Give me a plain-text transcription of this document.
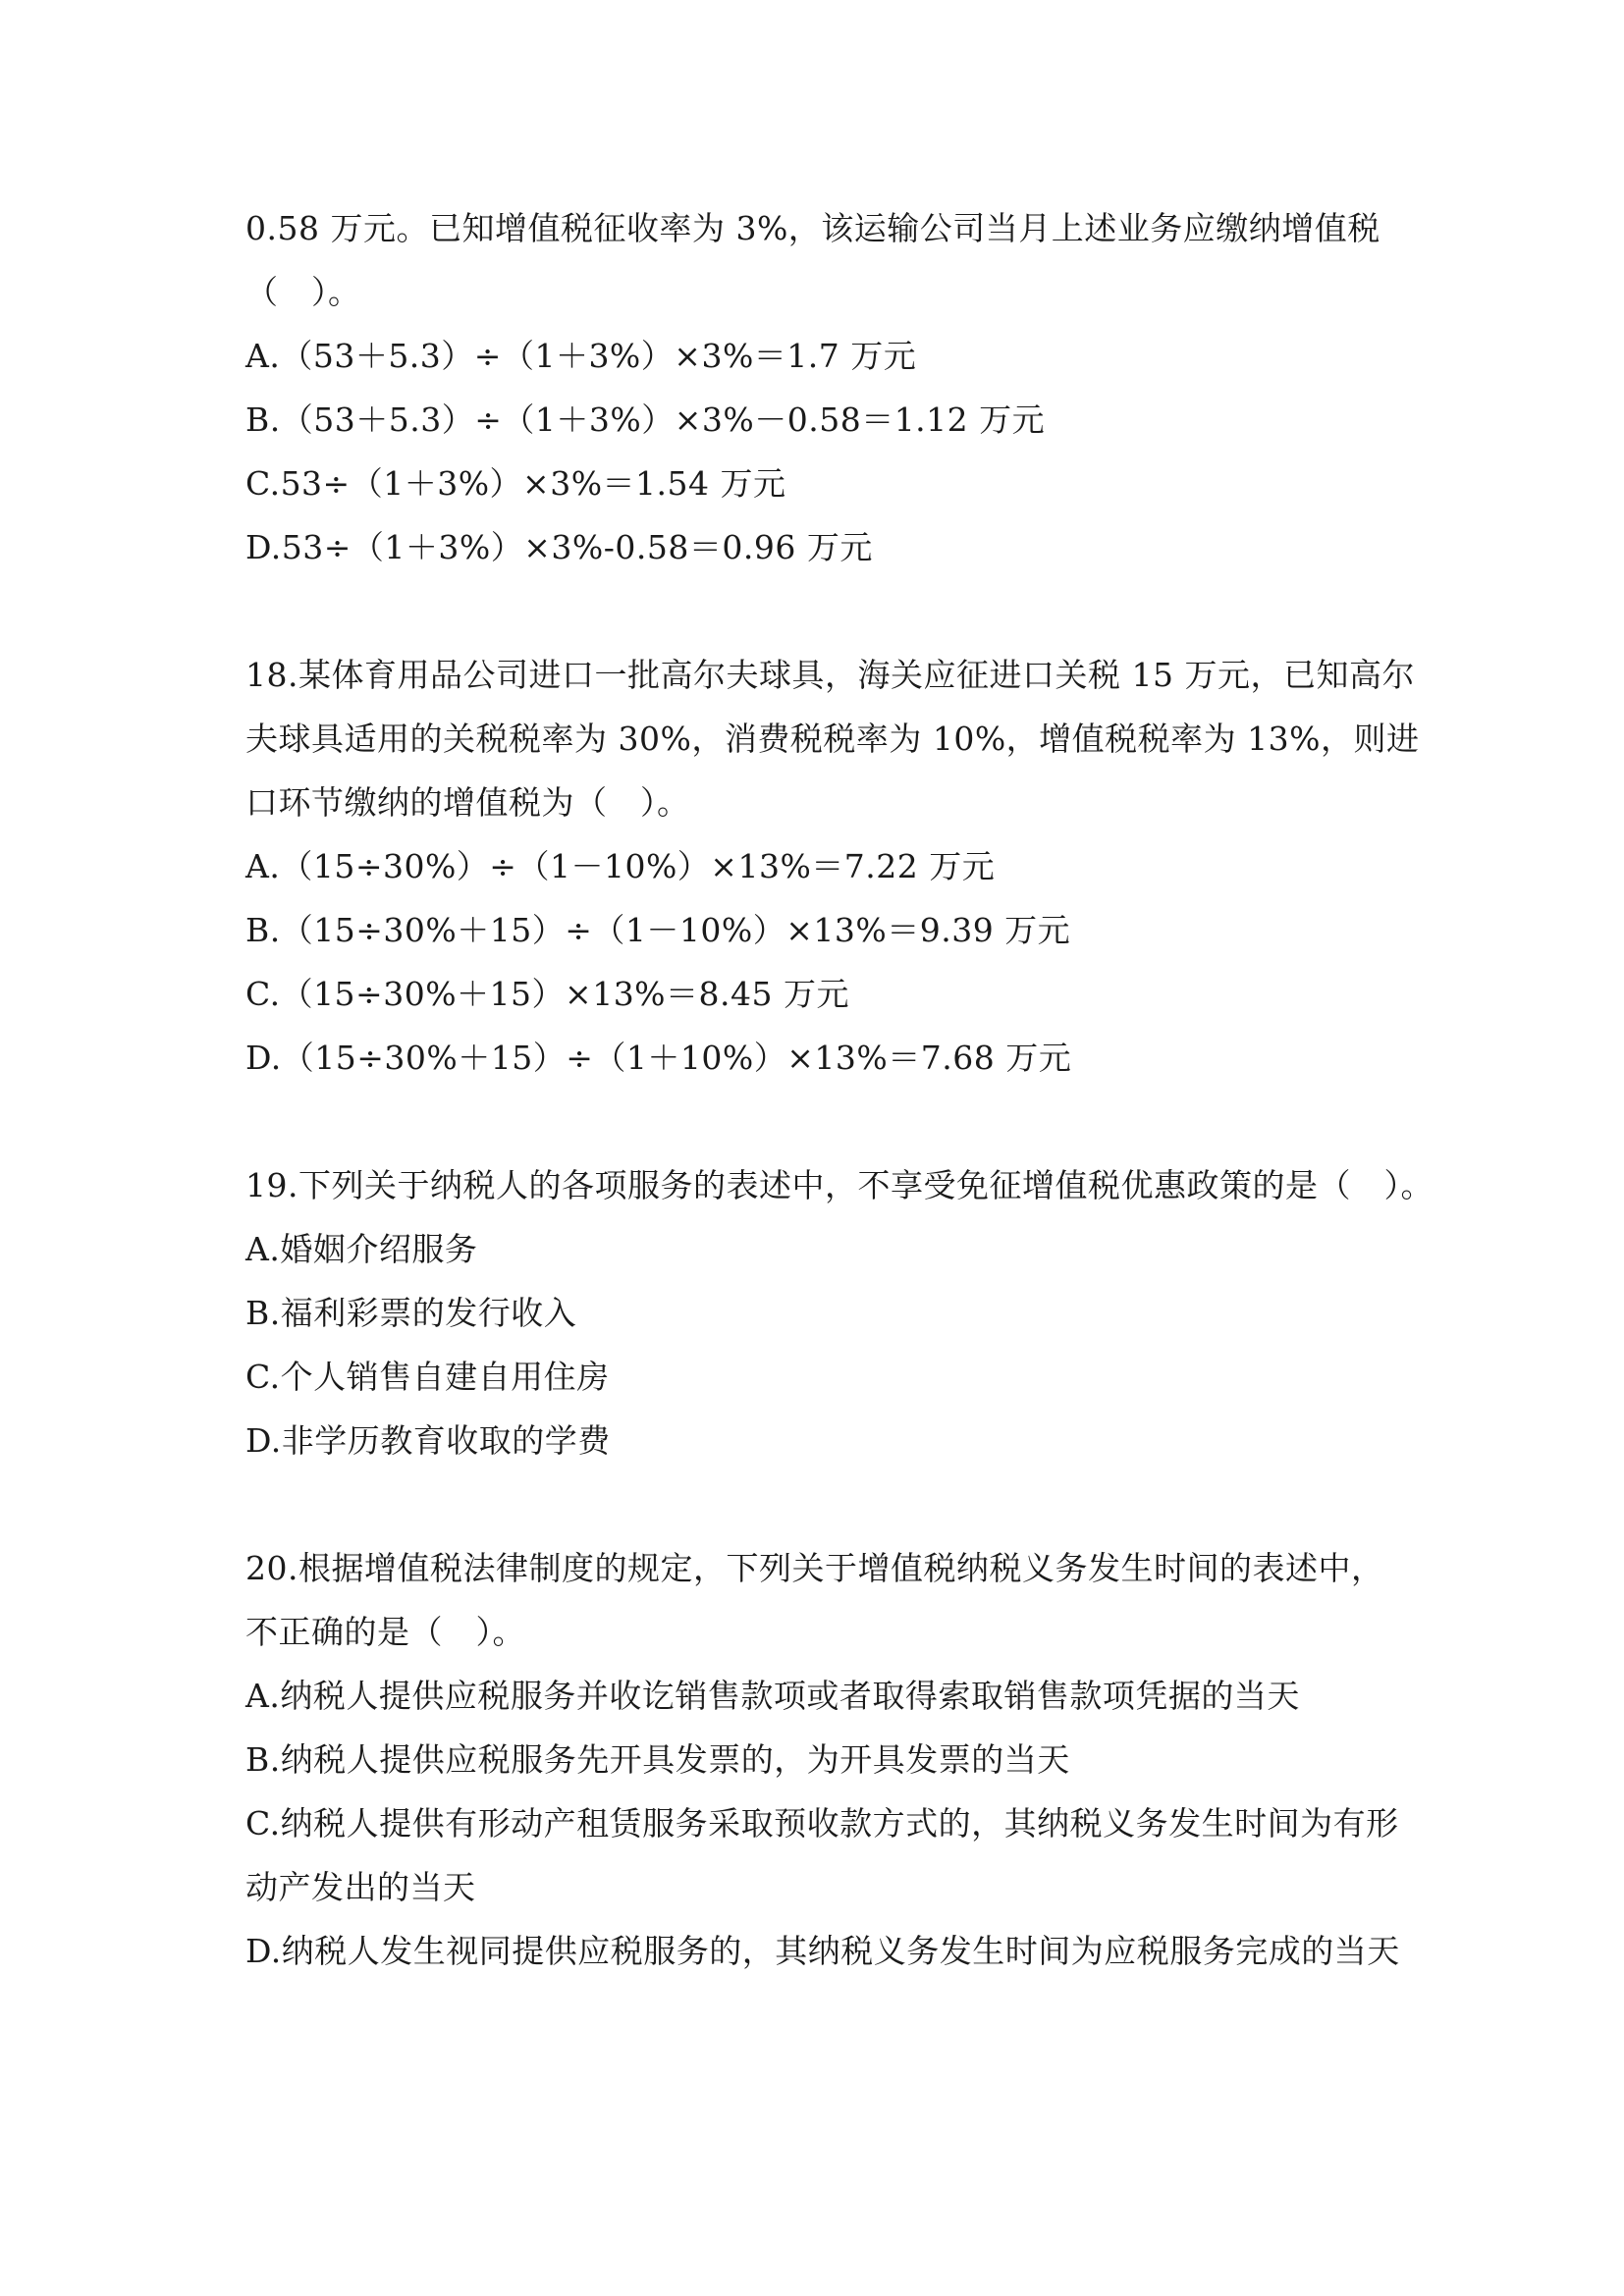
0.58 万元。已知增值税征收率为 3%，该运输公司当月上述业务应缴纳增值税
（　）。
A.（53＋5.3）÷（1＋3%）×3%＝1.7 万元
B.（53＋5.3）÷（1＋3%）×3%－0.58＝1.12 万元
C.53÷（1＋3%）×3%＝1.54 万元
D.53÷（1＋3%）×3%-0.58＝0.96 万元
18.某体育用品公司进口一批高尔夫球具，海关应征进口关税 15 万元，已知高尔
夫球具适用的关税税率为 30%，消费税税率为 10%，增值税税率为 13%，则进
口环节缴纳的增值税为（　）。
A.（15÷30%）÷（1－10%）×13%＝7.22 万元
B.（15÷30%＋15）÷（1－10%）×13%＝9.39 万元
C.（15÷30%＋15）×13%＝8.45 万元
D.（15÷30%＋15）÷（1＋10%）×13%＝7.68 万元
19.下列关于纳税人的各项服务的表述中，不享受免征增值税优惠政策的是（　）。
A.婚姻介绍服务
B.福利彩票的发行收入
C.个人销售自建自用住房
D.非学历教育收取的学费
20.根据增值税法律制度的规定，下列关于增值税纳税义务发生时间的表述中，
不正确的是（　）。
A.纳税人提供应税服务并收讫销售款项或者取得索取销售款项凭据的当天
B.纳税人提供应税服务先开具发票的，为开具发票的当天
C.纳税人提供有形动产租赁服务采取预收款方式的，其纳税义务发生时间为有形
动产发出的当天
D.纳税人发生视同提供应税服务的，其纳税义务发生时间为应税服务完成的当天
